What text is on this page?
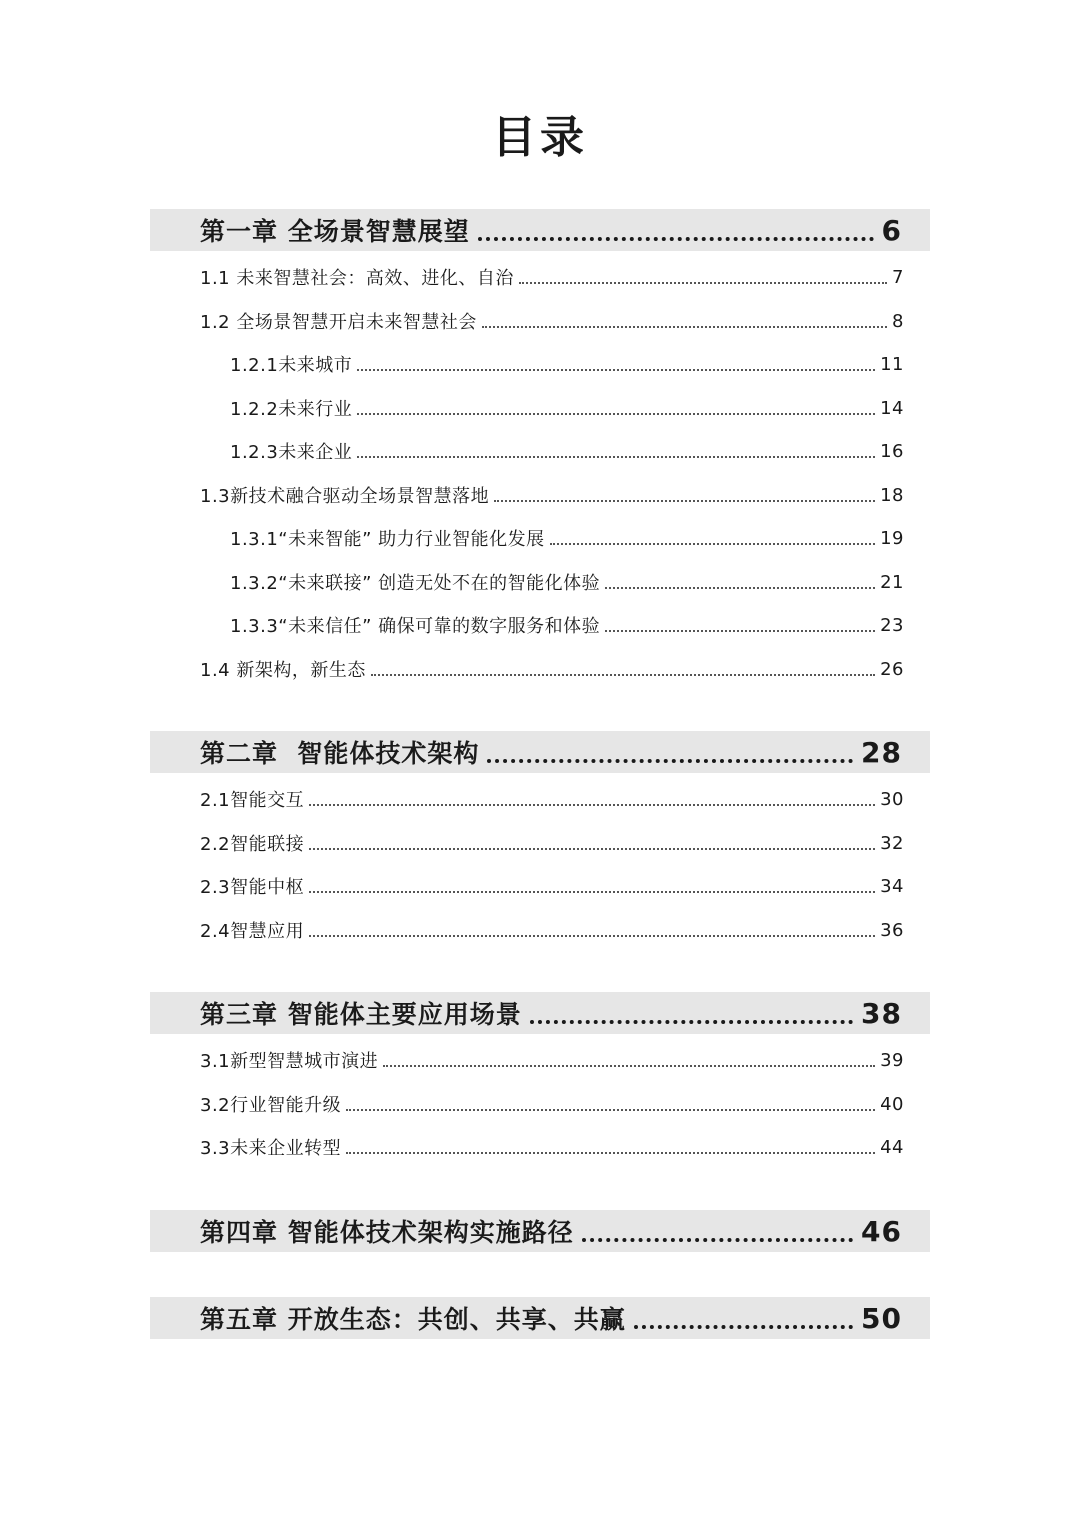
目录
第一章 全场景智慧展望	6
1.1 未来智慧社会：高效、进化、自治	7
1.2 全场景智慧开启未来智慧社会	8
1.2.1未来城市	11
1.2.2未来行业	14
1.2.3未来企业	16
1.3新技术融合驱动全场景智慧落地	18
1.3.1“未来智能” 助力行业智能化发展	19
1.3.2“未来联接” 创造无处不在的智能化体验	21
1.3.3“未来信任” 确保可靠的数字服务和体验	23
1.4 新架构，新生态	26
第二章  智能体技术架构	28
2.1智能交互	30
2.2智能联接	32
2.3智能中枢	34
2.4智慧应用	36
第三章 智能体主要应用场景	38
3.1新型智慧城市演进	39
3.2行业智能升级	40
3.3未来企业转型	44
第四章 智能体技术架构实施路径	46
第五章 开放生态：共创、共享、共赢	50
